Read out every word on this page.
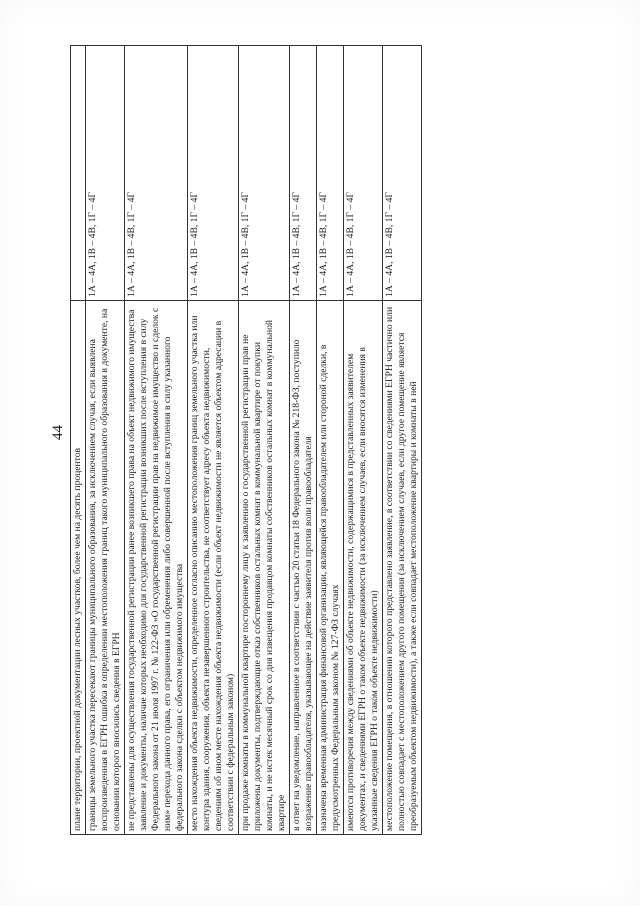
44
плане территории, проектной документации лесных участков, более чем на десять процентов	
границы земельного участка пересекают границы муниципального образования, за исключением случая, если выявлена воспроизведенная в ЕГРН ошибка в определении местоположения границ такого муниципального образования в документе, на основании которого вносились сведения в ЕГРН	1А – 4А, 1В – 4В, 1Г – 4Г
не представлены для осуществления государственной регистрации ранее возникшего права на объект недвижимого имущества заявление и документы, наличие которых необходимо для государственной регистрации возникших после вступления в силу Федерального закона от 21 июля 1997 г. № 122-ФЗ «О государственной регистрации прав на недвижимое имущество и сделок с ним» перехода данного права, его ограничения или обременения либо совершенной после вступления в силу указанного федерального закона сделки с объектом недвижимого имущества	1А – 4А, 1В – 4В, 1Г – 4Г
место нахождения объекта недвижимости, определенное согласно описанию местоположения границ земельного участка или контура здания, сооружения, объекта незавершенного строительства, не соответствует адресу объекта недвижимости, сведениям об ином месте нахождения объекта недвижимости (если объект недвижимости не является объектом адресации в соответствии с федеральным законом)	1А – 4А, 1В – 4В, 1Г – 4Г
при продаже комнаты в коммунальной квартире постороннему лицу к заявлению о государственной регистрации прав не приложены документы, подтверждающие отказ собственников остальных комнат в коммунальной квартире от покупки комнаты, и не истек месячный срок со дня извещения продавцом комнаты собственников остальных комнат в коммунальной квартире	1А – 4А, 1В – 4В, 1Г – 4Г
в ответ на уведомление, направленное в соответствии с частью 20 статьи 18 Федерального закона № 218-ФЗ, поступило возражение правообладателя, указывающее на действие заявителя против воли правообладателя	1А – 4А, 1В – 4В, 1Г – 4Г
назначена временная администрация финансовой организации, являющейся правообладателем или стороной сделки, в предусмотренных Федеральным законом № 127-ФЗ случаях	1А – 4А, 1В – 4В, 1Г – 4Г
имеются противоречия между сведениями об объекте недвижимости, содержащимися в представленных заявителем документах, и сведениями ЕГРН о таком объекте недвижимости (за исключением случаев, если вносятся изменения в указанные сведения ЕГРН о таком объекте недвижимости)	1А – 4А, 1В – 4В, 1Г – 4Г
местоположение помещения, в отношении которого представлено заявление, в соответствии со сведениями ЕГРН частично или полностью совпадает с местоположением другого помещения (за исключением случаев, если другое помещение является преобразуемым объектом недвижимости), а также если совпадает местоположение квартиры и комнаты в ней	1А – 4А, 1В – 4В, 1Г – 4Г
